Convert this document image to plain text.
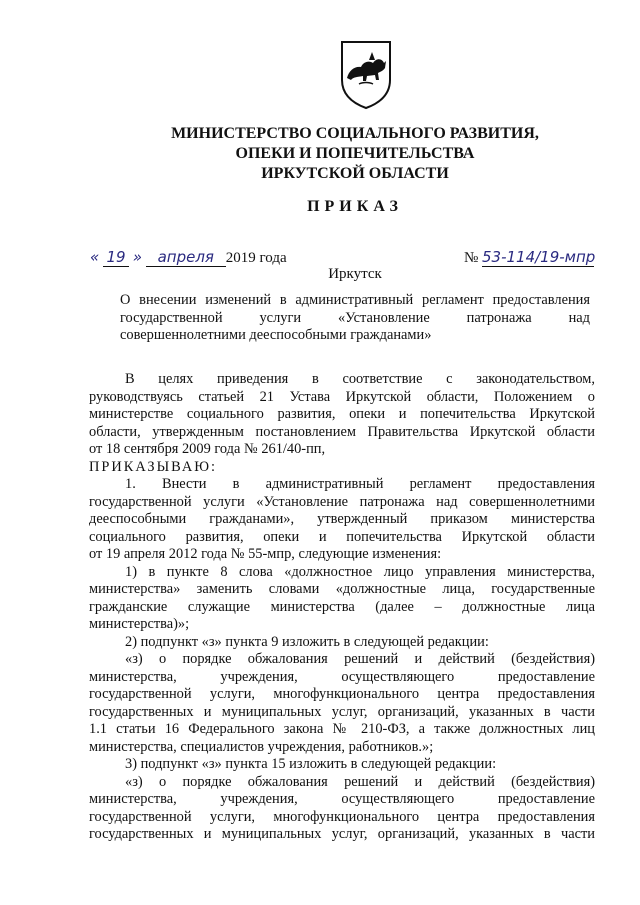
МИНИСТЕРСТВО СОЦИАЛЬНОГО РАЗВИТИЯ,
ОПЕКИ И ПОПЕЧИТЕЛЬСТВА
ИРКУТСКОЙ ОБЛАСТИ
ПРИКАЗ
« 19 » апреля 2019 года	№ 53-114/19-мпр
Иркутск
О внесении изменений в административный регламент предоставления
государственной услуги «Установление патронажа над
совершеннолетними дееспособными гражданами»
В целях приведения в соответствие с законодательством,
руководствуясь статьей 21 Устава Иркутской области, Положением о
министерстве социального развития, опеки и попечительства Иркутской
области, утвержденным постановлением Правительства Иркутской области
от 18 сентября 2009 года № 261/40-пп,
ПРИКАЗЫВАЮ:
1. Внести в административный регламент предоставления
государственной услуги «Установление патронажа над совершеннолетними
дееспособными гражданами», утвержденный приказом министерства
социального развития, опеки и попечительства Иркутской области
от 19 апреля 2012 года № 55-мпр, следующие изменения:
1) в пункте 8 слова «должностное лицо управления министерства,
министерства» заменить словами «должностные лица, государственные
гражданские служащие министерства (далее – должностные лица
министерства)»;
2) подпункт «з» пункта 9 изложить в следующей редакции:
«з) о порядке обжалования решений и действий (бездействия)
министерства, учреждения, осуществляющего предоставление
государственной услуги, многофункционального центра предоставления
государственных и муниципальных услуг, организаций, указанных в части
1.1 статьи 16 Федерального закона № 210-ФЗ, а также должностных лиц
министерства, специалистов учреждения, работников.»;
3) подпункт «з» пункта 15 изложить в следующей редакции:
«з) о порядке обжалования решений и действий (бездействия)
министерства, учреждения, осуществляющего предоставление
государственной услуги, многофункционального центра предоставления
государственных и муниципальных услуг, организаций, указанных в части
